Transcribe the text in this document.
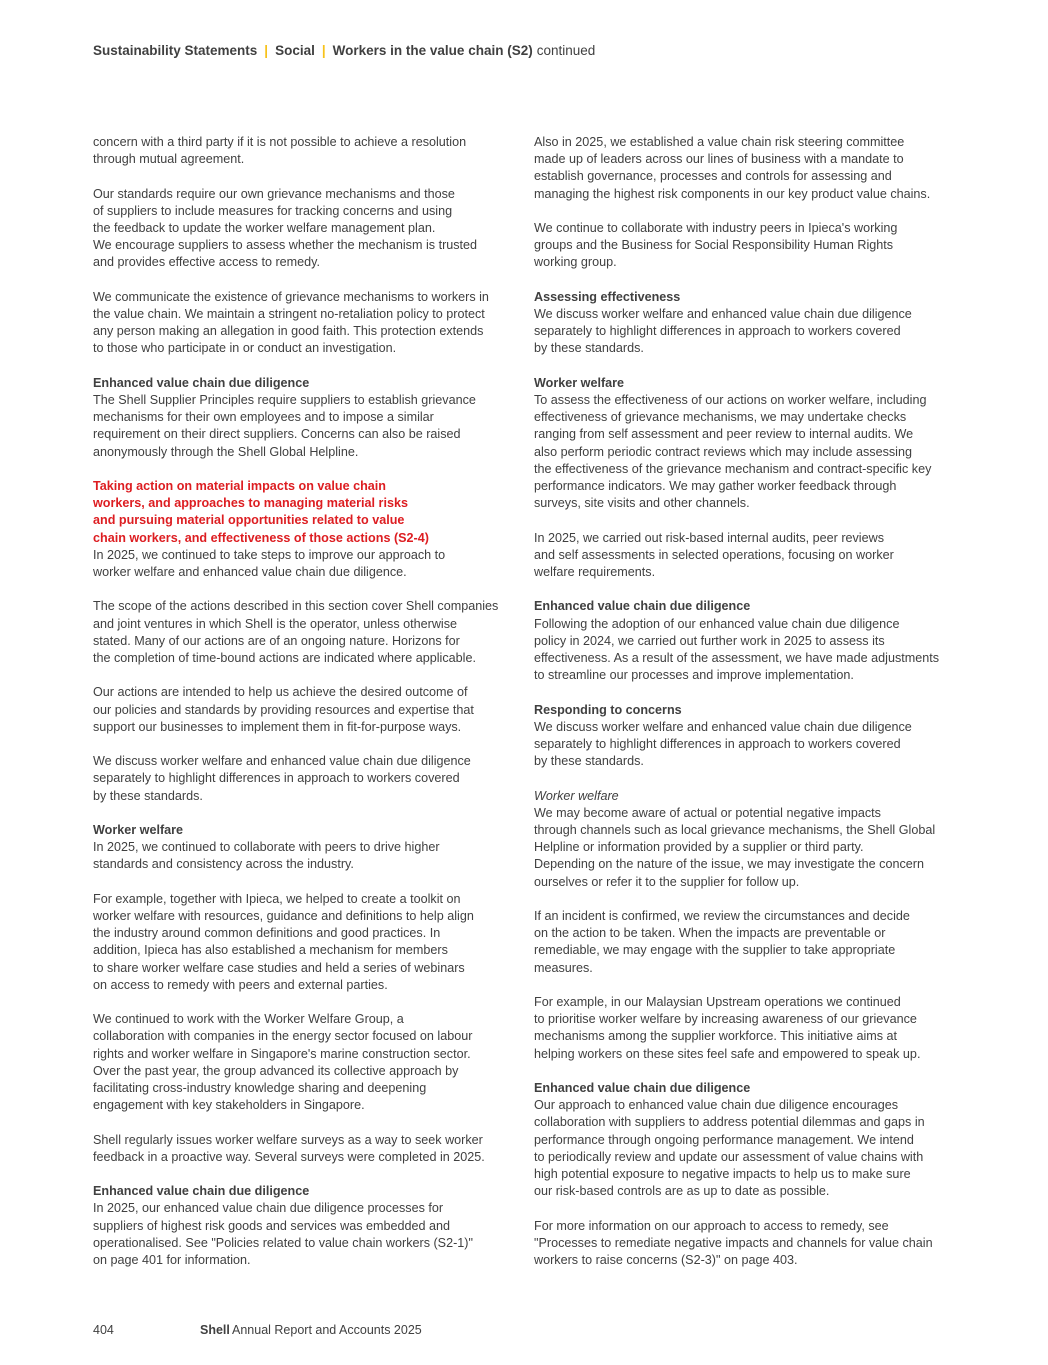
Sustainability Statements | Social | Workers in the value chain (S2) continued

concern with a third party if it is not possible to achieve a resolution
through mutual agreement.

Our standards require our own grievance mechanisms and those
of suppliers to include measures for tracking concerns and using
the feedback to update the worker welfare management plan.
We encourage suppliers to assess whether the mechanism is trusted
and provides effective access to remedy.

We communicate the existence of grievance mechanisms to workers in
the value chain. We maintain a stringent no-retaliation policy to protect
any person making an allegation in good faith. This protection extends
to those who participate in or conduct an investigation.

Enhanced value chain due diligence

The Shell Supplier Principles require suppliers to establish grievance
mechanisms for their own employees and to impose a similar
requirement on their direct suppliers. Concerns can also be raised
anonymously through the Shell Global Helpline.

Taking action on material impacts on value chain
workers, and approaches to managing material risks
and pursuing material opportunities related to value
chain workers, and effectiveness of those actions (S2-4)

In 2025, we continued to take steps to improve our approach to
worker welfare and enhanced value chain due diligence.

The scope of the actions described in this section cover Shell companies
and joint ventures in which Shell is the operator, unless otherwise
stated. Many of our actions are of an ongoing nature. Horizons for
the completion of time-bound actions are indicated where applicable.

Our actions are intended to help us achieve the desired outcome of
our policies and standards by providing resources and expertise that
support our businesses to implement them in fit-for-purpose ways.

We discuss worker welfare and enhanced value chain due diligence
separately to highlight differences in approach to workers covered
by these standards.

Worker welfare

In 2025, we continued to collaborate with peers to drive higher
standards and consistency across the industry.

For example, together with Ipieca, we helped to create a toolkit on
worker welfare with resources, guidance and definitions to help align
the industry around common definitions and good practices. In
addition, Ipieca has also established a mechanism for members
to share worker welfare case studies and held a series of webinars
on access to remedy with peers and external parties.

We continued to work with the Worker Welfare Group, a
collaboration with companies in the energy sector focused on labour
rights and worker welfare in Singapore's marine construction sector.
Over the past year, the group advanced its collective approach by
facilitating cross-industry knowledge sharing and deepening
engagement with key stakeholders in Singapore.

Shell regularly issues worker welfare surveys as a way to seek worker
feedback in a proactive way. Several surveys were completed in 2025.

Enhanced value chain due diligence

In 2025, our enhanced value chain due diligence processes for
suppliers of highest risk goods and services was embedded and
operationalised. See "Policies related to value chain workers (S2-1)"
on page 401 for information.

Also in 2025, we established a value chain risk steering committee
made up of leaders across our lines of business with a mandate to
establish governance, processes and controls for assessing and
managing the highest risk components in our key product value chains.

We continue to collaborate with industry peers in Ipieca's working
groups and the Business for Social Responsibility Human Rights
working group.

Assessing effectiveness

We discuss worker welfare and enhanced value chain due diligence
separately to highlight differences in approach to workers covered
by these standards.

Worker welfare

To assess the effectiveness of our actions on worker welfare, including
effectiveness of grievance mechanisms, we may undertake checks
ranging from self assessment and peer review to internal audits. We
also perform periodic contract reviews which may include assessing
the effectiveness of the grievance mechanism and contract-specific key
performance indicators. We may gather worker feedback through
surveys, site visits and other channels.

In 2025, we carried out risk-based internal audits, peer reviews
and self assessments in selected operations, focusing on worker
welfare requirements.

Enhanced value chain due diligence

Following the adoption of our enhanced value chain due diligence
policy in 2024, we carried out further work in 2025 to assess its
effectiveness. As a result of the assessment, we have made adjustments
to streamline our processes and improve implementation.

Responding to concerns

We discuss worker welfare and enhanced value chain due diligence
separately to highlight differences in approach to workers covered
by these standards.

Worker welfare

We may become aware of actual or potential negative impacts
through channels such as local grievance mechanisms, the Shell Global
Helpline or information provided by a supplier or third party.
Depending on the nature of the issue, we may investigate the concern
ourselves or refer it to the supplier for follow up.

If an incident is confirmed, we review the circumstances and decide
on the action to be taken. When the impacts are preventable or
remediable, we may engage with the supplier to take appropriate
measures.

For example, in our Malaysian Upstream operations we continued
to prioritise worker welfare by increasing awareness of our grievance
mechanisms among the supplier workforce. This initiative aims at
helping workers on these sites feel safe and empowered to speak up.

Enhanced value chain due diligence

Our approach to enhanced value chain due diligence encourages
collaboration with suppliers to address potential dilemmas and gaps in
performance through ongoing performance management. We intend
to periodically review and update our assessment of value chains with
high potential exposure to negative impacts to help us to make sure
our risk-based controls are as up to date as possible.

For more information on our approach to access to remedy, see
"Processes to remediate negative impacts and channels for value chain
workers to raise concerns (S2-3)" on page 403.

404	Shell Annual Report and Accounts 2025
